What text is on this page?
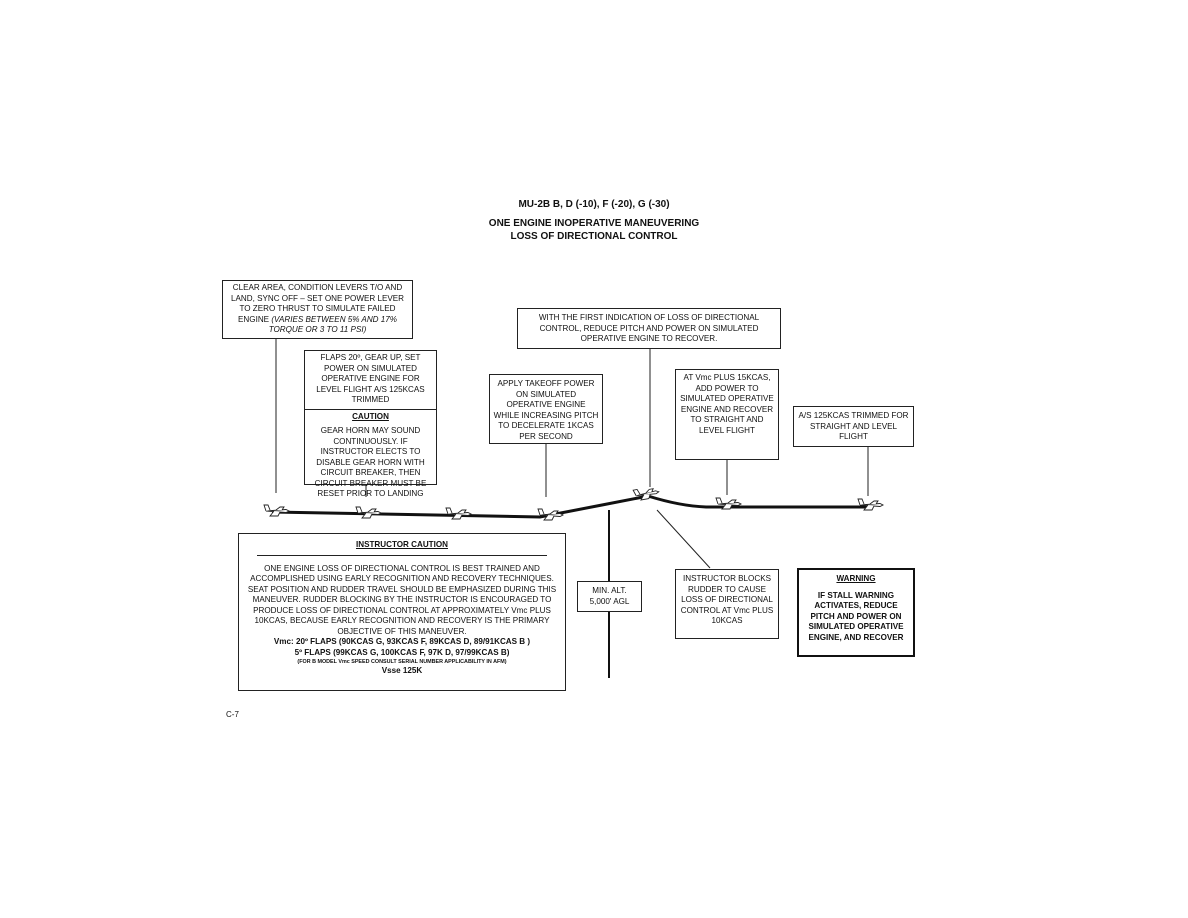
MU-2B B, D (-10), F (-20), G (-30)

ONE ENGINE INOPERATIVE MANEUVERING

LOSS OF DIRECTIONAL CONTROL

CLEAR AREA, CONDITION LEVERS T/O AND LAND, SYNC OFF – SET ONE POWER LEVER TO ZERO THRUST TO SIMULATE FAILED ENGINE (VARIES BETWEEN 5% AND 17% TORQUE OR 3 TO 11 PSI)

FLAPS 20º, GEAR UP, SET POWER ON SIMULATED OPERATIVE ENGINE FOR LEVEL FLIGHT A/S 125KCAS TRIMMED

CAUTION

GEAR HORN MAY SOUND CONTINUOUSLY. IF INSTRUCTOR ELECTS TO DISABLE GEAR HORN WITH CIRCUIT BREAKER, THEN CIRCUIT BREAKER MUST BE RESET PRIOR TO LANDING

APPLY TAKEOFF POWER ON SIMULATED OPERATIVE ENGINE WHILE INCREASING PITCH TO DECELERATE 1KCAS PER SECOND

WITH THE FIRST INDICATION OF LOSS OF DIRECTIONAL CONTROL, REDUCE PITCH AND POWER ON SIMULATED OPERATIVE ENGINE TO RECOVER.

AT Vmc PLUS 15KCAS, ADD POWER TO SIMULATED OPERATIVE ENGINE AND RECOVER TO STRAIGHT AND LEVEL FLIGHT

A/S 125KCAS TRIMMED FOR STRAIGHT AND LEVEL FLIGHT

INSTRUCTOR CAUTION

ONE ENGINE LOSS OF DIRECTIONAL CONTROL IS BEST TRAINED AND ACCOMPLISHED USING EARLY RECOGNITION AND RECOVERY TECHNIQUES. SEAT POSITION AND RUDDER TRAVEL SHOULD BE EMPHASIZED DURING THIS MANEUVER. RUDDER BLOCKING BY THE INSTRUCTOR IS ENCOURAGED TO PRODUCE LOSS OF DIRECTIONAL CONTROL AT APPROXIMATELY Vmc PLUS 10KCAS, BECAUSE EARLY RECOGNITION AND RECOVERY IS THE PRIMARY OBJECTIVE OF THIS MANEUVER.

Vmc: 20º FLAPS (90KCAS G, 93KCAS F, 89KCAS D, 89/91KCAS B )

5º FLAPS (99KCAS G, 100KCAS F, 97K D, 97/99KCAS B)

(FOR B MODEL Vmc SPEED CONSULT SERIAL NUMBER APPLICABILITY IN AFM)

Vsse 125K

MIN. ALT. 5,000' AGL

INSTRUCTOR BLOCKS RUDDER TO CAUSE LOSS OF DIRECTIONAL CONTROL AT Vmc PLUS 10KCAS

WARNING

IF STALL WARNING ACTIVATES, REDUCE PITCH AND POWER ON SIMULATED OPERATIVE ENGINE, AND RECOVER

C-7
